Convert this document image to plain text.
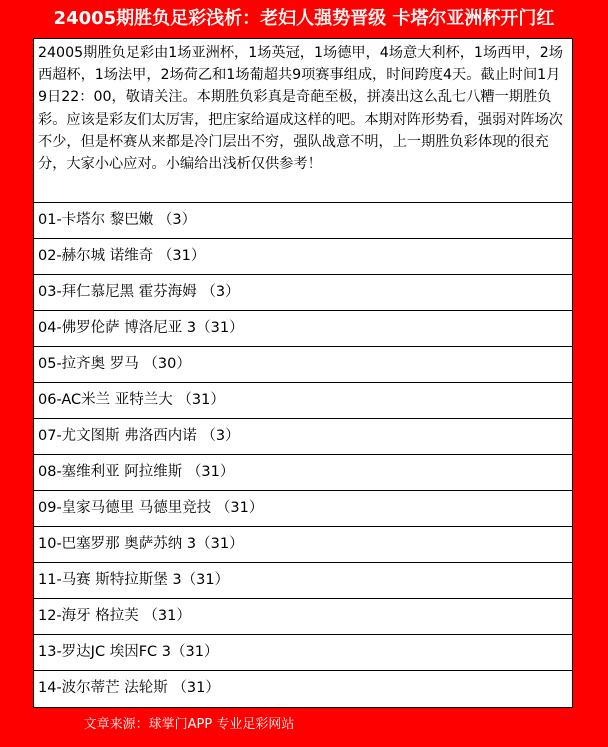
24005期胜负足彩浅析：老妇人强势晋级 卡塔尔亚洲杯开门红
24005期胜负足彩由1场亚洲杯，1场英冠，1场德甲，4场意大利杯，1场西甲，2场西超杯，1场法甲，2场荷乙和1场葡超共9项赛事组成，时间跨度4天。截止时间1月9日22：00，敬请关注。本期胜负彩真是奇葩至极，拼凑出这么乱七八糟一期胜负彩。应该是彩友们太厉害，把庄家给逼成这样的吧。本期对阵形势看，强弱对阵场次不少，但是杯赛从来都是冷门层出不穷，强队战意不明，上一期胜负彩体现的很充分，大家小心应对。小编给出浅析仅供参考！
01-卡塔尔 黎巴嫩 （3）
02-赫尔城 诺维奇 （31）
03-拜仁慕尼黑 霍芬海姆 （3）
04-佛罗伦萨 博洛尼亚 3（31）
05-拉齐奥 罗马 （30）
06-AC米兰 亚特兰大 （31）
07-尤文图斯 弗洛西内诺 （3）
08-塞维利亚 阿拉维斯 （31）
09-皇家马德里 马德里竞技 （31）
10-巴塞罗那 奥萨苏纳 3（31）
11-马赛 斯特拉斯堡 3（31）
12-海牙 格拉芙 （31）
13-罗达JC 埃因FC 3（31）
14-波尔蒂芒 法轮斯 （31）
文章来源：球掌门APP 专业足彩网站
